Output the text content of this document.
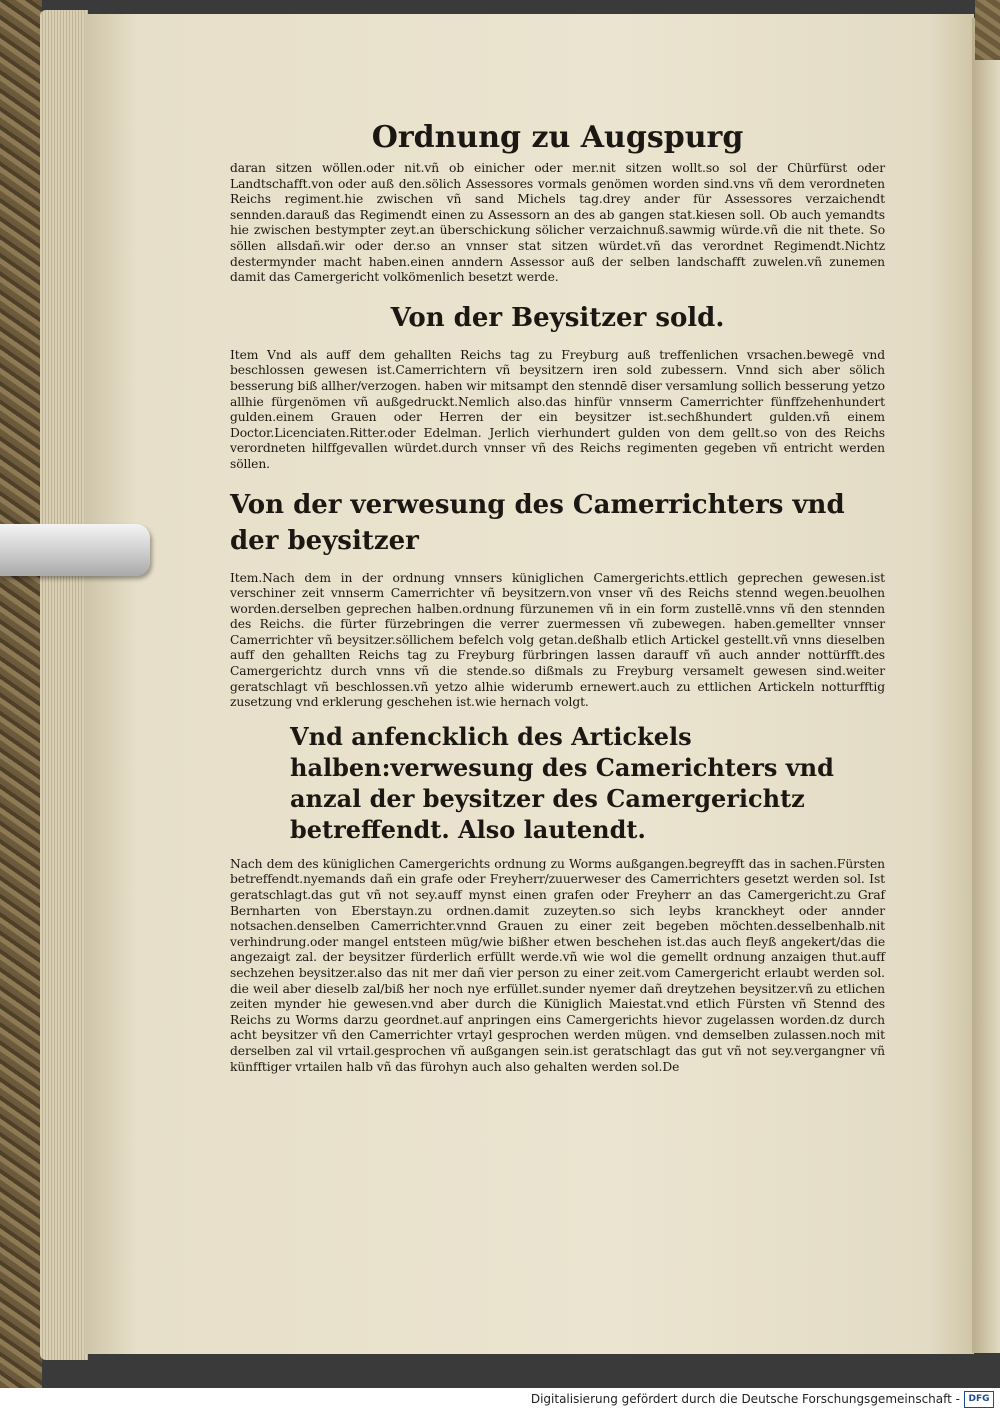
Ordnung zu Augspurg

daran sitzen wöllen.oder nit.vñ ob einicher oder mer.nit sitzen wollt.so sol der Chürfürst oder Landtschafft.von oder auß den.sölich Assessores vormals genömen worden sind.vns vñ dem verordneten Reichs regiment.hie zwischen vñ sand Michels tag.drey ander für Assessores verzaichendt sennden.darauß das Regimendt einen zu Assessorn an des ab gangen stat.kiesen soll. Ob auch yemandts hie zwischen bestympter zeyt.an überschickung sölicher verzaichnuß.sawmig würde.vñ die nit thete. So söllen allsdañ.wir oder der.so an vnnser stat sitzen würdet.vñ das verordnet Regimendt.Nichtz destermynder macht haben.einen anndern Assessor auß der selben landschafft zuwelen.vñ zunemen damit das Camergericht volkömenlich besetzt werde.

Von der Beysitzer sold.

Item Vnd als auff dem gehallten Reichs tag zu Freyburg auß treffenlichen vrsachen.bewegē vnd beschlossen gewesen ist.Camerrichtern vñ beysitzern iren sold zubessern. Vnnd sich aber sölich besserung biß allher/verzogen. haben wir mitsampt den stenndē diser versamlung sollich besserung yetzo allhie fürgenömen vñ außgedruckt.Nemlich also.das hinfür vnnserm Camerrichter fünffzehenhundert gulden.einem Grauen oder Herren der ein beysitzer ist.sechßhundert gulden.vñ einem Doctor.Licenciaten.Ritter.oder Edelman. Jerlich vierhundert gulden von dem gellt.so von des Reichs verordneten hilffgevallen würdet.durch vnnser vñ des Reichs regimenten gegeben vñ entricht werden söllen.

Von der verwesung des Camerrichters vnd der beysitzer

Item.Nach dem in der ordnung vnnsers küniglichen Camergerichts.ettlich geprechen gewesen.ist verschiner zeit vnnserm Camerrichter vñ beysitzern.von vnser vñ des Reichs stennd wegen.beuolhen worden.derselben geprechen halben.ordnung fürzunemen vñ in ein form zustellē.vnns vñ den stennden des Reichs. die fürter fürzebringen die verrer zuermessen vñ zubewegen. haben.gemellter vnnser Camerrichter vñ beysitzer.söllichem befelch volg getan.deßhalb etlich Artickel gestellt.vñ vnns dieselben auff den gehallten Reichs tag zu Freyburg fürbringen lassen darauff vñ auch annder nottürfft.des Camergerichtz durch vnns vñ die stende.so dißmals zu Freyburg versamelt gewesen sind.weiter geratschlagt vñ beschlossen.vñ yetzo alhie widerumb ernewert.auch zu ettlichen Artickeln notturfftig zusetzung vnd erklerung geschehen ist.wie hernach volgt.

Vnd anfencklich des Artickels halben:verwesung des Camerichters vnd anzal der beysitzer des Camergerichtz betreffendt. Also lautendt.

Nach dem des küniglichen Camergerichts ordnung zu Worms außgangen.begreyfft das in sachen.Fürsten betreffendt.nyemands dañ ein grafe oder Freyherr/zuuerweser des Camerrichters gesetzt werden sol. Ist geratschlagt.das gut vñ not sey.auff mynst einen grafen oder Freyherr an das Camergericht.zu Graf Bernharten von Eberstayn.zu ordnen.damit zuzeyten.so sich leybs kranckheyt oder annder notsachen.denselben Camerrichter.vnnd Grauen zu einer zeit begeben möchten.desselbenhalb.nit verhindrung.oder mangel entsteen müg/wie bißher etwen beschehen ist.das auch fleyß angekert/das die angezaigt zal. der beysitzer fürderlich erfüllt werde.vñ wie wol die gemellt ordnung anzaigen thut.auff sechzehen beysitzer.also das nit mer dañ vier person zu einer zeit.vom Camergericht erlaubt werden sol. die weil aber dieselb zal/biß her noch nye erfüllet.sunder nyemer dañ dreytzehen beysitzer.vñ zu etlichen zeiten mynder hie gewesen.vnd aber durch die Küniglich Maiestat.vnd etlich Fürsten vñ Stennd des Reichs zu Worms darzu geordnet.auf anpringen eins Camergerichts hievor zugelassen worden.dz durch acht beysitzer vñ den Camerrichter vrtayl gesprochen werden mügen. vnd demselben zulassen.noch mit derselben zal vil vrtail.gesprochen vñ außgangen sein.ist geratschlagt das gut vñ not sey.vergangner vñ künfftiger vrtailen halb vñ das fürohyn auch also gehalten werden sol.De

Digitalisierung gefördert durch die Deutsche Forschungsgemeinschaft - DFG
